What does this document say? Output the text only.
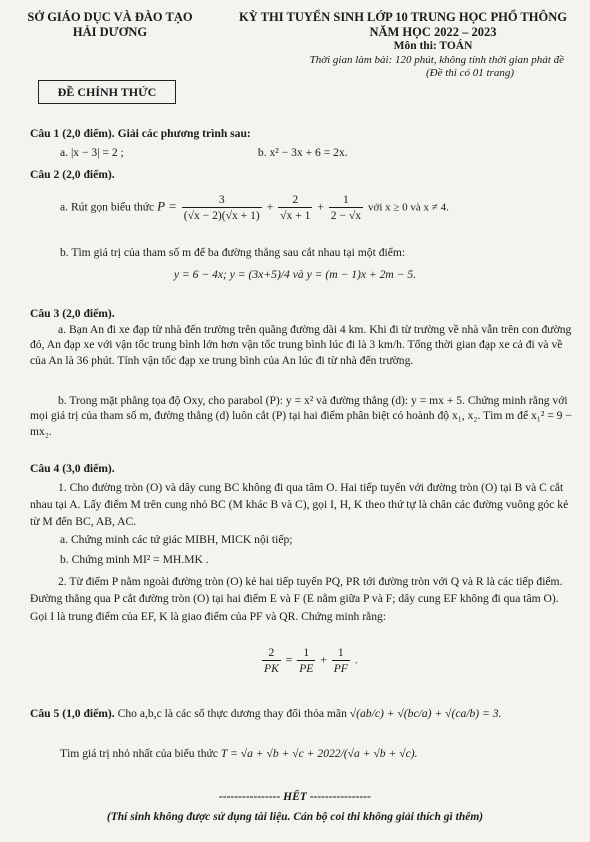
SỞ GIÁO DỤC VÀ ĐÀO TẠO
HẢI DƯƠNG
KỲ THI TUYỂN SINH LỚP 10 TRUNG HỌC PHỔ THÔNG
NĂM HỌC 2022 – 2023
Môn thi: TOÁN
Thời gian làm bài: 120 phút, không tính thời gian phát đề
(Đề thi có 01 trang)
ĐỀ CHÍNH THỨC
Câu 1 (2,0 điểm). Giải các phương trình sau:
a. |x − 3| = 2 ;	b. x² − 3x + 6 = 2x.
Câu 2 (2,0 điểm).
a. Rút gọn biểu thức $P = \frac{3}{(√x - 2)(√x + 1)} + \frac{2}{√x + 1} + \frac{1}{2 - √x}$ với x ≥ 0 và x ≠ 4.
b. Tìm giá trị của tham số m để ba đường thẳng sau cắt nhau tại một điểm:
y = 6 − 4x; y = (3x+5)/4 và y = (m − 1)x + 2m − 5.
Câu 3 (2,0 điểm).
a. Bạn An đi xe đạp từ nhà đến trường trên quãng đường dài 4 km. Khi đi từ trường về nhà vẫn trên con đường đó, An đạp xe với vận tốc trung bình lớn hơn vận tốc trung bình lúc đi là 3 km/h. Tổng thời gian đạp xe cả đi và về của An là 36 phút. Tính vận tốc đạp xe trung bình của An lúc đi từ nhà đến trường.
b. Trong mặt phẳng tọa độ Oxy, cho parabol (P): y = x² và đường thẳng (d): y = mx + 5. Chứng minh rằng với mọi giá trị của tham số m, đường thẳng (d) luôn cắt (P) tại hai điểm phân biệt có hoành độ x₁, x₂. Tìm m để x₁² = 9 − mx₂.
Câu 4 (3,0 điểm).
1. Cho đường tròn (O) và dây cung BC không đi qua tâm O. Hai tiếp tuyến với đường tròn (O) tại B và C cắt nhau tại A. Lấy điểm M trên cung nhỏ BC (M khác B và C), gọi I, H, K theo thứ tự là chân các đường vuông góc kẻ từ M đến BC, AB, AC.
a. Chứng minh các tứ giác MIBH, MICK nội tiếp;
b. Chứng minh MI² = MH.MK .
2. Từ điểm P nằm ngoài đường tròn (O) kẻ hai tiếp tuyến PQ, PR tới đường tròn với Q và R là các tiếp điểm. Đường thẳng qua P cắt đường tròn (O) tại hai điểm E và F (E nằm giữa P và F; dây cung EF không đi qua tâm O). Gọi I là trung điểm của EF, K là giao điểm của PF và QR. Chứng minh rằng:
$\frac{2}{PK} = \frac{1}{PE} + \frac{1}{PF}$ .
Câu 5 (1,0 điểm). Cho a,b,c là các số thực dương thay đổi thỏa mãn √(ab/c) + √(bc/a) + √(ca/b) = 3.
Tìm giá trị nhỏ nhất của biểu thức T = √a + √b + √c + 2022/(√a + √b + √c).
---------------- HẾT ----------------
(Thí sinh không được sử dụng tài liệu. Cán bộ coi thi không giải thích gì thêm)
